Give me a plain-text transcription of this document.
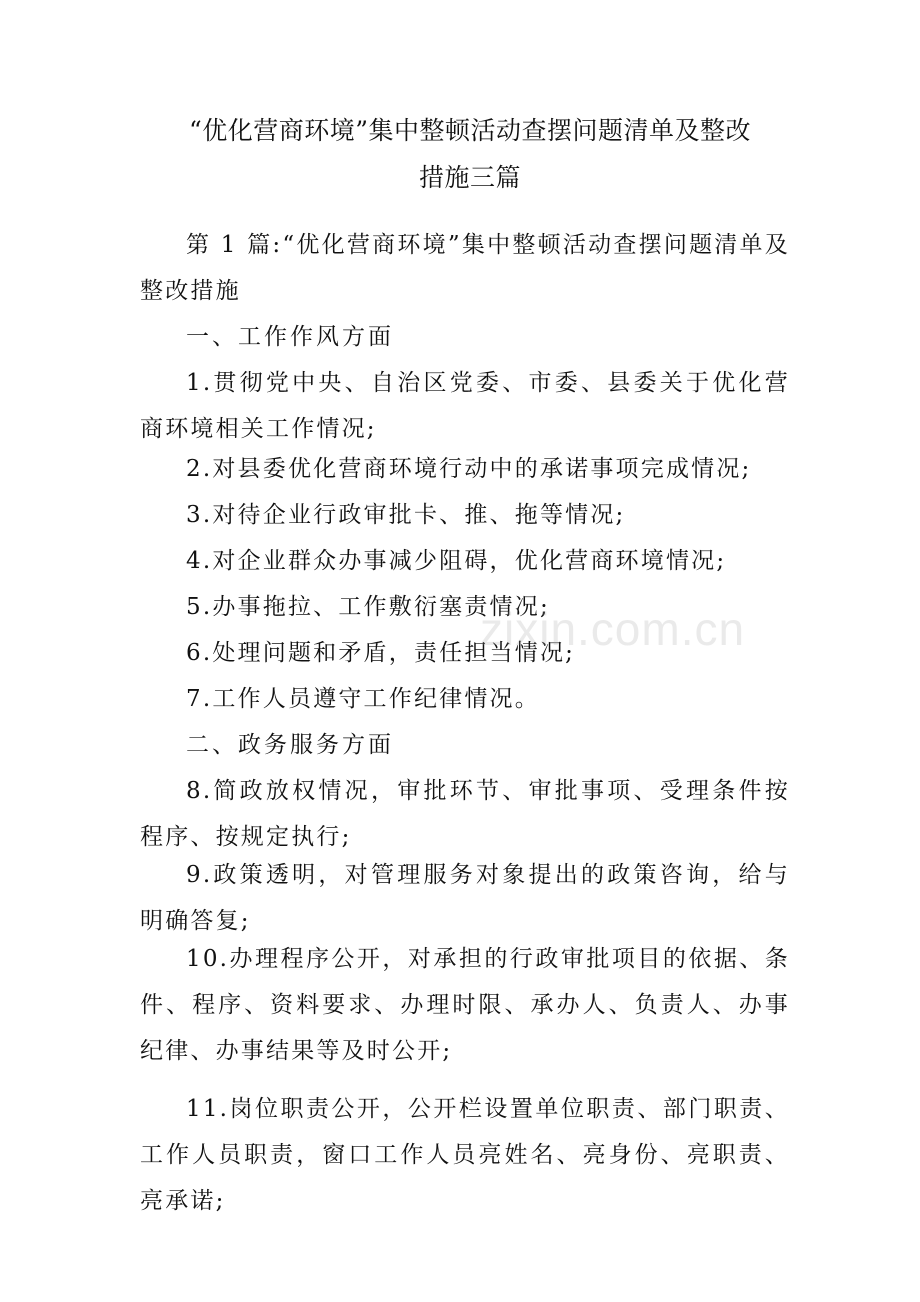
“优化营商环境”集中整顿活动查摆问题清单及整改
措施三篇
第 1 篇:“优化营商环境”集中整顿活动查摆问题清单及整改措施
一、工作作风方面
1.贯彻党中央、自治区党委、市委、县委关于优化营商环境相关工作情况;
2.对县委优化营商环境行动中的承诺事项完成情况;
3.对待企业行政审批卡、推、拖等情况;
4.对企业群众办事减少阻碍，优化营商环境情况;
5.办事拖拉、工作敷衍塞责情况;
6.处理问题和矛盾，责任担当情况;
7.工作人员遵守工作纪律情况。
二、政务服务方面
8.简政放权情况，审批环节、审批事项、受理条件按程序、按规定执行;
9.政策透明，对管理服务对象提出的政策咨询，给与明确答复;
10.办理程序公开，对承担的行政审批项目的依据、条件、程序、资料要求、办理时限、承办人、负责人、办事纪律、办事结果等及时公开;
11.岗位职责公开，公开栏设置单位职责、部门职责、工作人员职责，窗口工作人员亮姓名、亮身份、亮职责、亮承诺;
zixin.com.cn
